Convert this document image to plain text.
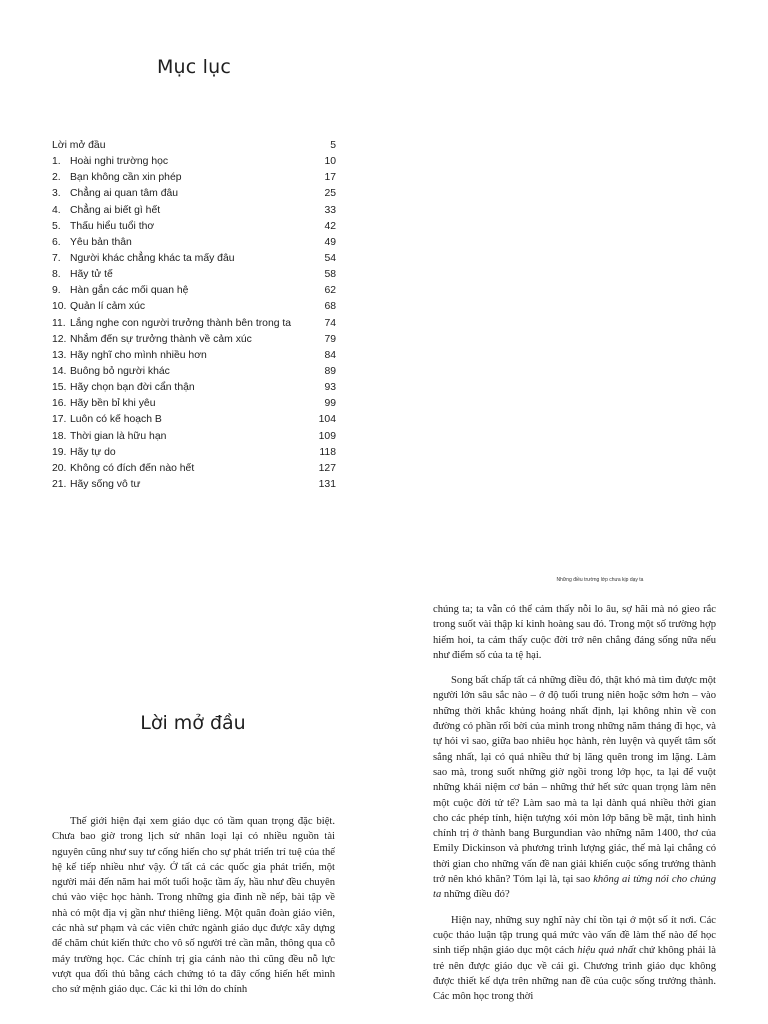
Mục lục
Lời mở đầu	5
1. Hoài nghi trường học	10
2. Bạn không cần xin phép	17
3. Chẳng ai quan tâm đâu	25
4. Chẳng ai biết gì hết	33
5. Thấu hiểu tuổi thơ	42
6. Yêu bản thân	49
7. Người khác chẳng khác ta mấy đâu	54
8. Hãy tử tế	58
9. Hàn gắn các mối quan hệ	62
10. Quản lí cảm xúc	68
11. Lắng nghe con người trưởng thành bên trong ta	74
12. Nhắm đến sự trưởng thành về cảm xúc	79
13. Hãy nghĩ cho mình nhiều hơn	84
14. Buông bỏ người khác	89
15. Hãy chọn bạn đời cẩn thận	93
16. Hãy bền bỉ khi yêu	99
17. Luôn có kế hoạch B	104
18. Thời gian là hữu hạn	109
19. Hãy tự do	118
20. Không có đích đến nào hết	127
21. Hãy sống vô tư	131
Những điều trường lớp chưa kịp dạy ta
Lời mở đầu

Thế giới hiện đại xem giáo dục có tầm quan trọng đặc biệt. Chưa bao giờ trong lịch sử nhân loại lại có nhiều nguồn tài nguyên cũng như suy tư cống hiến cho sự phát triển trí tuệ của thế hệ kế tiếp nhiều như vậy. Ở tất cả các quốc gia phát triển, một người mải đến năm hai mốt tuổi hoặc tầm ấy, hầu như đều chuyên chú vào việc học hành. Trong những gia đình nề nếp, bài tập về nhà có một địa vị gần như thiêng liêng. Một quân đoàn giáo viên, các nhà sư phạm và các viên chức ngành giáo dục được xây dựng để chăm chút kiến thức cho vô số người trẻ cần mẫn, thông qua cỗ máy trường học. Các chính trị gia cánh nào thì cũng đều nỗ lực vượt qua đối thủ bằng cách chứng tỏ ta đây cống hiến hết mình cho sứ mệnh giáo dục. Các kì thi lớn do chính

chúng ta; ta vẫn có thể cảm thấy nỗi lo âu, sợ hãi mà nó gieo rắc trong suốt vài thập kỉ kinh hoàng sau đó. Trong một số trường hợp hiếm hoi, ta cảm thấy cuộc đời trở nên chẳng đáng sống nữa nếu như điểm số của ta tệ hại.

Song bất chấp tất cả những điều đó, thật khó mà tìm được một người lớn sâu sắc nào – ở độ tuổi trung niên hoặc sớm hơn – vào những thời khắc khủng hoảng nhất định, lại không nhìn về con đường có phần rối bời của mình trong những năm tháng đi học, và tự hỏi vì sao, giữa bao nhiêu học hành, rèn luyện và quyết tâm sốt sắng nhất, lại có quá nhiều thứ bị lãng quên trong im lặng. Làm sao mà, trong suốt những giờ ngồi trong lớp học, ta lại để vuột những khái niệm cơ bản – những thứ hết sức quan trọng làm nên một cuộc đời tử tế? Làm sao mà ta lại dành quá nhiều thời gian cho các phép tính, hiện tượng xói mòn lớp băng bề mặt, tình hình chính trị ở thành bang Burgundian vào những năm 1400, thơ của Emily Dickinson và phương trình lượng giác, thế mà lại chẳng có thời gian cho những vấn đề nan giải khiến cuộc sống trưởng thành trở nên khó khăn? Tóm lại là, tại sao không ai từng nói cho chúng ta những điều đó?

Hiện nay, những suy nghĩ này chỉ tồn tại ở một số ít nơi. Các cuộc thảo luận tập trung quá mức vào vấn đề làm thế nào để học sinh tiếp nhận giáo dục một cách hiệu quả nhất chứ không phải là trẻ nên được giáo dục về cái gì. Chương trình giáo dục không được thiết kế dựa trên những nan đề của cuộc sống trưởng thành. Các môn học trong thời
